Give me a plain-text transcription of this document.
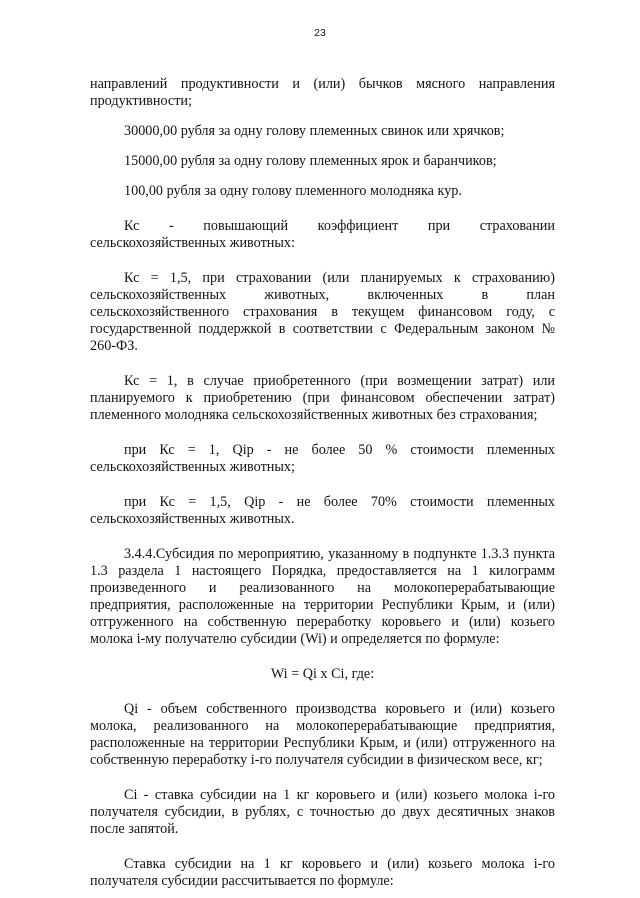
23

направлений продуктивности и (или) бычков мясного направления продуктивности;

30000,00 рубля за одну голову племенных свинок или хрячков;

15000,00 рубля за одну голову племенных ярок и баранчиков;

100,00 рубля за одну голову племенного молодняка кур.

Кс - повышающий коэффициент при страховании сельскохозяйственных животных:

Кс = 1,5, при страховании (или планируемых к страхованию) сельскохозяйственных животных, включенных в план сельскохозяйственного страхования в текущем финансовом году, с государственной поддержкой в соответствии с Федеральным законом № 260-ФЗ.

Кс = 1, в случае приобретенного (при возмещении затрат) или планируемого к приобретению (при финансовом обеспечении затрат) племенного молодняка сельскохозяйственных животных без страхования;

при Кс = 1, Qip - не более 50 % стоимости племенных сельскохозяйственных животных;

при Кс = 1,5, Qip - не более 70% стоимости племенных сельскохозяйственных животных.

3.4.4.Субсидия по мероприятию, указанному в подпункте 1.3.3 пункта 1.3 раздела 1 настоящего Порядка, предоставляется на 1 килограмм произведенного и реализованного на молокоперерабатывающие предприятия, расположенные на территории Республики Крым, и (или) отгруженного на собственную переработку коровьего и (или) козьего молока i-му получателю субсидии (Wi) и определяется по формуле:

Wi = Qi x Ci, где:

Qi - объем собственного производства коровьего и (или) козьего молока, реализованного на молокоперерабатывающие предприятия, расположенные на территории Республики Крым, и (или) отгруженного на собственную переработку i-го получателя субсидии в физическом весе, кг;

Ci - ставка субсидии на 1 кг коровьего и (или) козьего молока i-го получателя субсидии, в рублях, с точностью до двух десятичных знаков после запятой.

Ставка субсидии на 1 кг коровьего и (или) козьего молока i-го получателя субсидии рассчитывается по формуле:
